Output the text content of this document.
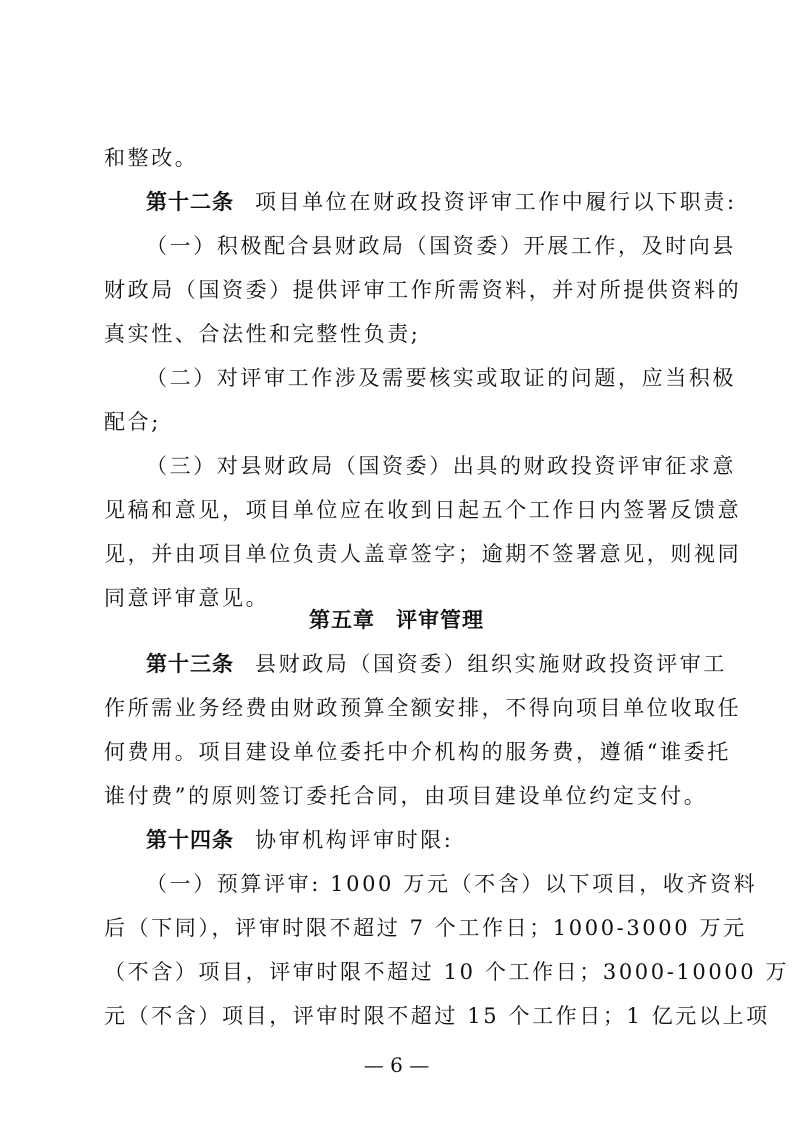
和整改。
第十二条 项目单位在财政投资评审工作中履行以下职责:
（一）积极配合县财政局（国资委）开展工作，及时向县
财政局（国资委）提供评审工作所需资料，并对所提供资料的
真实性、合法性和完整性负责;
（二）对评审工作涉及需要核实或取证的问题，应当积极
配合;
（三）对县财政局（国资委）出具的财政投资评审征求意
见稿和意见，项目单位应在收到日起五个工作日内签署反馈意
见，并由项目单位负责人盖章签字；逾期不签署意见，则视同
同意评审意见。
第五章 评审管理
第十三条 县财政局（国资委）组织实施财政投资评审工
作所需业务经费由财政预算全额安排，不得向项目单位收取任
何费用。项目建设单位委托中介机构的服务费，遵循“谁委托
谁付费”的原则签订委托合同，由项目建设单位约定支付。
第十四条 协审机构评审时限:
（一）预算评审: 1000 万元（不含）以下项目，收齐资料
后（下同），评审时限不超过 7 个工作日；1000-3000 万元
（不含）项目，评审时限不超过 10 个工作日；3000-10000 万
元（不含）项目，评审时限不超过 15 个工作日；1 亿元以上项
— 6 —
